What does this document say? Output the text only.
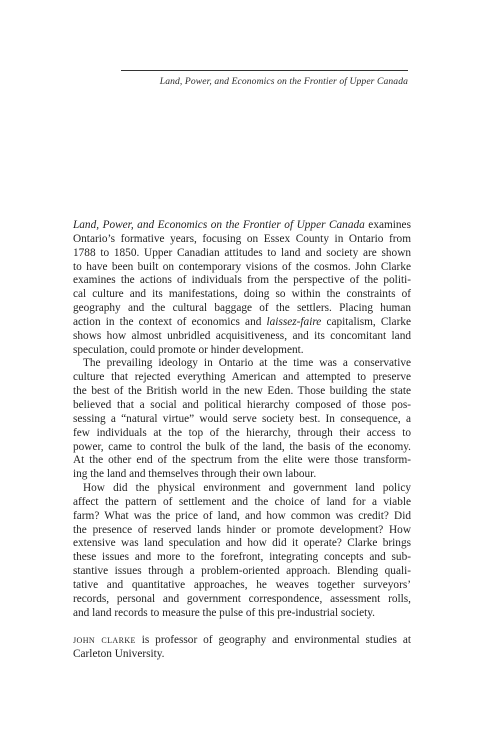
Land, Power, and Economics on the Frontier of Upper Canada
Land, Power, and Economics on the Frontier of Upper Canada examines
Ontario’s formative years, focusing on Essex County in Ontario from
1788 to 1850. Upper Canadian attitudes to land and society are shown
to have been built on contemporary visions of the cosmos. John Clarke
examines the actions of individuals from the perspective of the politi-
cal culture and its manifestations, doing so within the constraints of
geography and the cultural baggage of the settlers. Placing human
action in the context of economics and laissez-faire capitalism, Clarke
shows how almost unbridled acquisitiveness, and its concomitant land
speculation, could promote or hinder development.
The prevailing ideology in Ontario at the time was a conservative
culture that rejected everything American and attempted to preserve
the best of the British world in the new Eden. Those building the state
believed that a social and political hierarchy composed of those pos-
sessing a “natural virtue” would serve society best. In consequence, a
few individuals at the top of the hierarchy, through their access to
power, came to control the bulk of the land, the basis of the economy.
At the other end of the spectrum from the elite were those transform-
ing the land and themselves through their own labour.
How did the physical environment and government land policy
affect the pattern of settlement and the choice of land for a viable
farm? What was the price of land, and how common was credit? Did
the presence of reserved lands hinder or promote development? How
extensive was land speculation and how did it operate? Clarke brings
these issues and more to the forefront, integrating concepts and sub-
stantive issues through a problem-oriented approach. Blending quali-
tative and quantitative approaches, he weaves together surveyors’
records, personal and government correspondence, assessment rolls,
and land records to measure the pulse of this pre-industrial society.
john clarke is professor of geography and environmental studies at
Carleton University.
